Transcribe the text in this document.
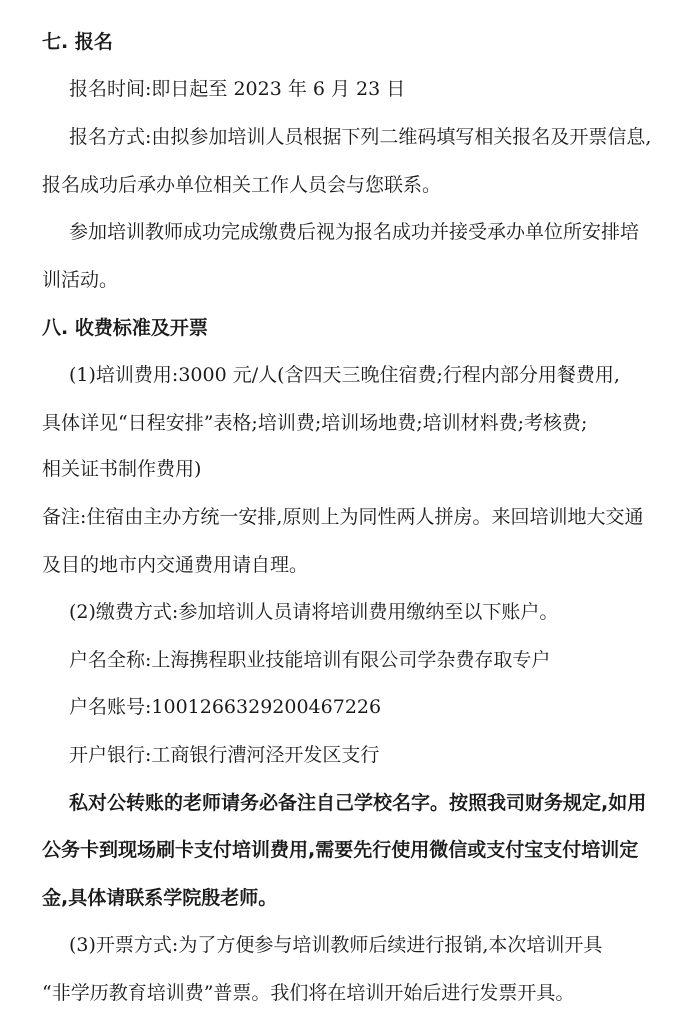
七. 报名
报名时间:即日起至 2023 年 6 月 23 日
报名方式:由拟参加培训人员根据下列二维码填写相关报名及开票信息,
报名成功后承办单位相关工作人员会与您联系。
参加培训教师成功完成缴费后视为报名成功并接受承办单位所安排培
训活动。
八. 收费标准及开票
(1)培训费用:3000 元/人(含四天三晚住宿费;行程内部分用餐费用,
具体详见“日程安排”表格;培训费;培训场地费;培训材料费;考核费;
相关证书制作费用)
备注:住宿由主办方统一安排,原则上为同性两人拼房。来回培训地大交通
及目的地市内交通费用请自理。
(2)缴费方式:参加培训人员请将培训费用缴纳至以下账户。
户名全称:上海携程职业技能培训有限公司学杂费存取专户
户名账号:1001266329200467226
开户银行:工商银行漕河泾开发区支行
私对公转账的老师请务必备注自己学校名字。按照我司财务规定,如用
公务卡到现场刷卡支付培训费用,需要先行使用微信或支付宝支付培训定
金,具体请联系学院殷老师。
(3)开票方式:为了方便参与培训教师后续进行报销,本次培训开具
“非学历教育培训费”普票。我们将在培训开始后进行发票开具。
